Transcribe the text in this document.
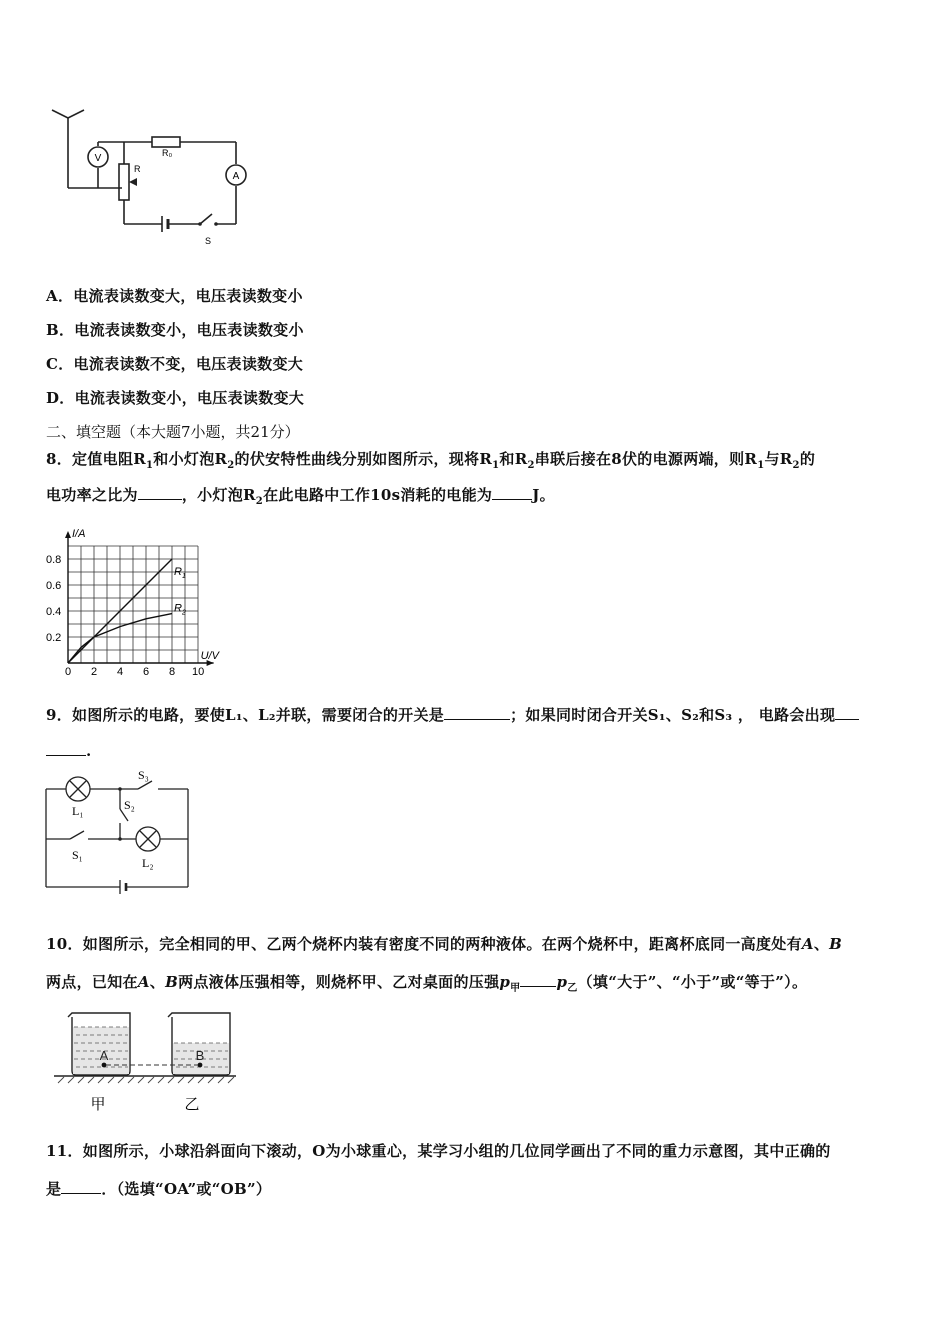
V
A
R₀
R
S
A．电流表读数变大，电压表读数变小
B．电流表读数变小，电压表读数变小
C．电流表读数不变，电压表读数变大
D．电流表读数变小，电压表读数变大
二、填空题（本大题7小题，共21分）
8．定值电阻$R_1$和小灯泡$R_2$的伏安特性曲线分别如图所示，现将$R_1$和$R_2$串联后接在8伏的电源两端，则$R_1$与$R_2$的
电功率之比为	，小灯泡$R_2$在此电路中工作10s消耗的电能为	J。
$R_1$
$R_2$
0 2 4 6 8 10
0.2
0.4
0.6
0.8
I/A
U/V
9．如图所示的电路，要使L₁、L₂并联，需要闭合的开关是	；如果同时闭合开关S₁、S₂和S₃ ， 电路会出现
.
L₁
L₂
S₃
S₂
S₁
10．如图所示，完全相同的甲、乙两个烧杯内装有密度不同的两种液体。在两个烧杯中，距离杯底同一高度处有A、B
两点，已知在A、B两点液体压强相等，则烧杯甲、乙对桌面的压强$p_甲$ $p_乙$（填“大于”、“小于”或“等于”）。
A	B
甲	乙
11．如图所示，小球沿斜面向下滚动，O为小球重心，某学习小组的几位同学画出了不同的重力示意图，其中正确的
是	．（选填“OA”或“OB”）
